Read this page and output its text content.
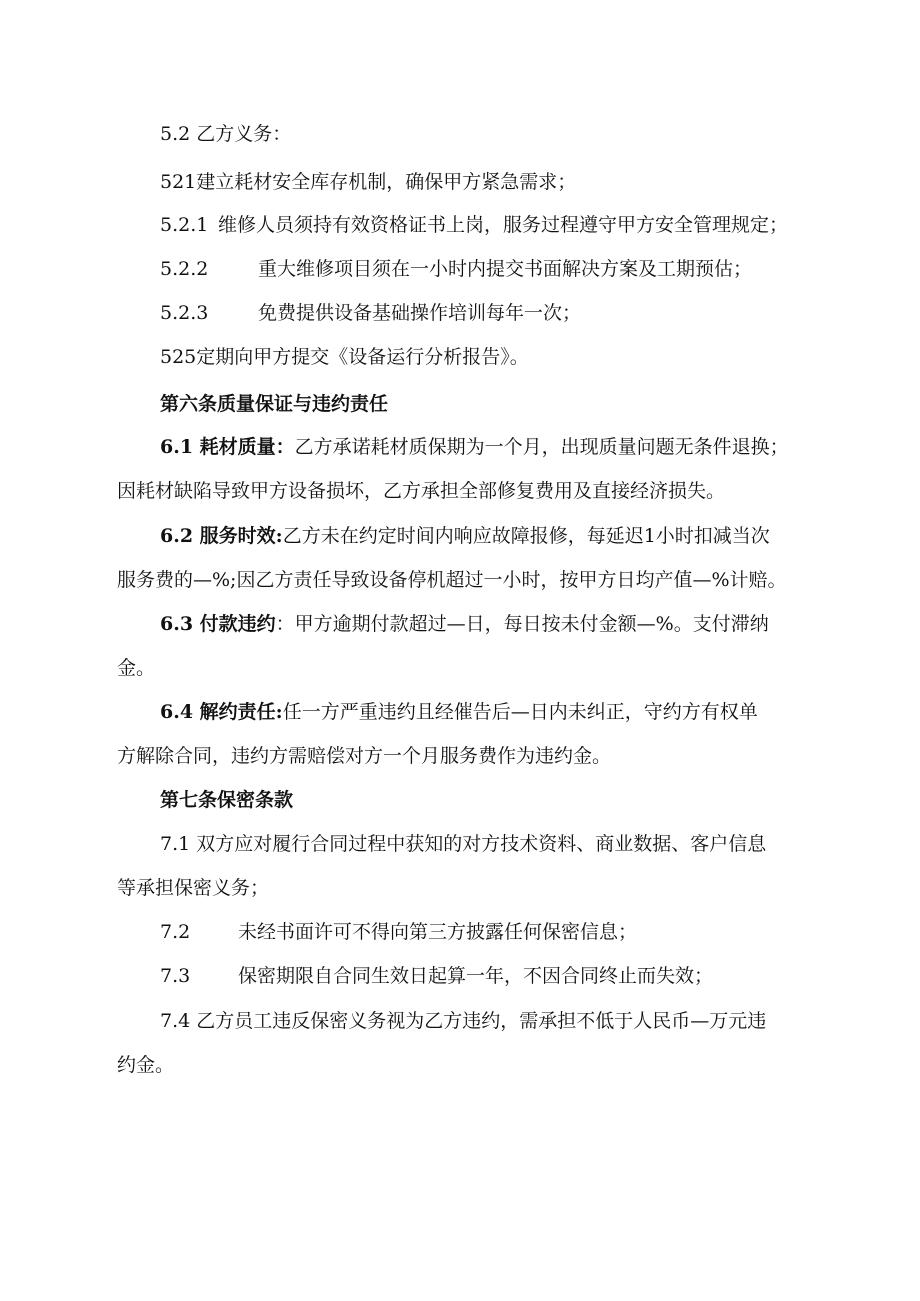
5.2 乙方义务：
521建立耗材安全库存机制，确保甲方紧急需求；
5.2.1 维修人员须持有效资格证书上岗，服务过程遵守甲方安全管理规定；
5.2.2	重大维修项目须在一小时内提交书面解决方案及工期预估；
5.2.3	免费提供设备基础操作培训每年一次；
525定期向甲方提交《设备运行分析报告》。
第六条质量保证与违约责任
6.1 耗材质量：乙方承诺耗材质保期为一个月，出现质量问题无条件退换；
因耗材缺陷导致甲方设备损坏，乙方承担全部修复费用及直接经济损失。
6.2 服务时效:乙方未在约定时间内响应故障报修，每延迟1小时扣减当次
服务费的—%;因乙方责任导致设备停机超过一小时，按甲方日均产值—%计赔。
6.3 付款违约：甲方逾期付款超过—日，每日按未付金额—%。支付滞纳
金。
6.4 解约责任:任一方严重违约且经催告后—日内未纠正，守约方有权单
方解除合同，违约方需赔偿对方一个月服务费作为违约金。
第七条保密条款
7.1 双方应对履行合同过程中获知的对方技术资料、商业数据、客户信息
等承担保密义务；
7.2	未经书面许可不得向第三方披露任何保密信息；
7.3	保密期限自合同生效日起算一年，不因合同终止而失效；
7.4 乙方员工违反保密义务视为乙方违约，需承担不低于人民币—万元违
约金。
